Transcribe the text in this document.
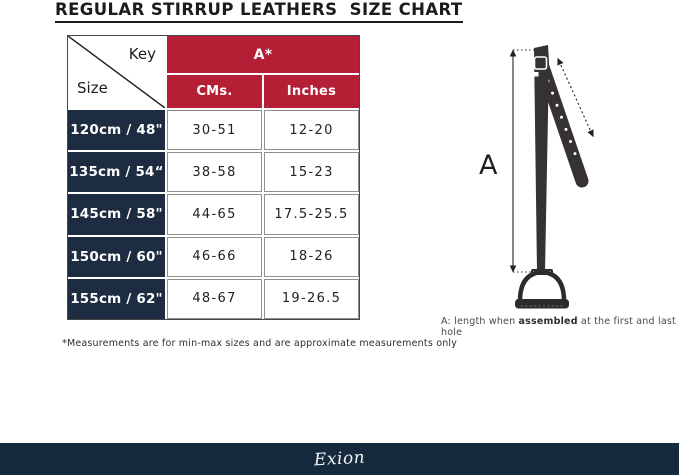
REGULAR STIRRUP LEATHERS  SIZE CHART
Key
Size
A*
CMs.	Inches
120cm / 48"	30-51	12-20
135cm / 54“	38-58	15-23
145cm / 58"	44-65	17.5-25.5
150cm / 60"	46-66	18-26
155cm / 62"	48-67	19-26.5
*Measurements are for min-max sizes and are approximate measurements only
A
A: length when assembled at the first and last hole
Exion
